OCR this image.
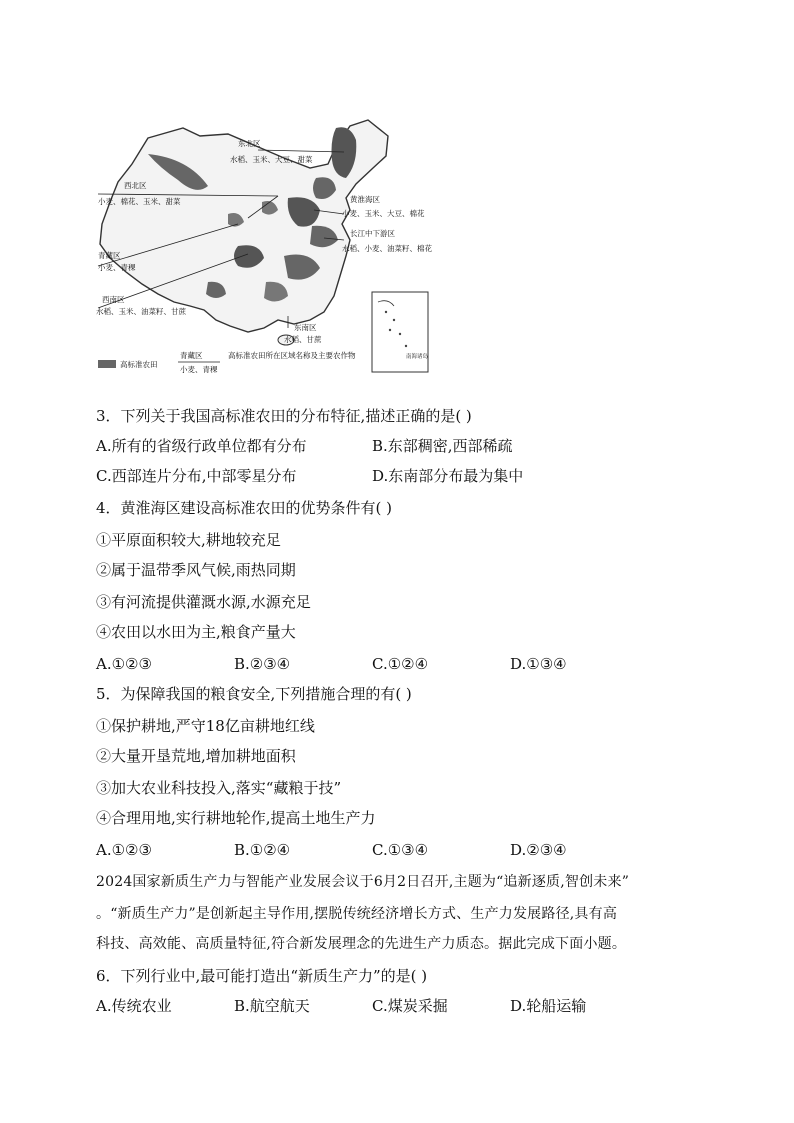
东北区
水稻、玉米、大豆、甜菜
西北区
小麦、棉花、玉米、甜菜	黄淮海区
小麦、玉米、大豆、棉花
长江中下游区
水稻、小麦、油菜籽、棉花
青藏区
小麦、青稞
西南区
水稻、玉米、油菜籽、甘蔗
东南区
水稻、甘蔗
南海诸岛
高标准农田
青藏区
小麦、青稞
高标准农田所在区域名称及主要农作物
3．下列关于我国高标准农田的分布特征,描述正确的是( )
A.所有的省级行政单位都有分布	B.东部稠密,西部稀疏
C.西部连片分布,中部零星分布	D.东南部分布最为集中
4．黄淮海区建设高标准农田的优势条件有( )
①平原面积较大,耕地较充足
②属于温带季风气候,雨热同期
③有河流提供灌溉水源,水源充足
④农田以水田为主,粮食产量大
A.①②③	B.②③④	C.①②④	D.①③④
5．为保障我国的粮食安全,下列措施合理的有( )
①保护耕地,严守18亿亩耕地红线
②大量开垦荒地,增加耕地面积
③加大农业科技投入,落实“藏粮于技”
④合理用地,实行耕地轮作,提高土地生产力
A.①②③	B.①②④	C.①③④	D.②③④
2024国家新质生产力与智能产业发展会议于6月2日召开,主题为“追新逐质,智创未来”
。“新质生产力”是创新起主导作用,摆脱传统经济增长方式、生产力发展路径,具有高
科技、高效能、高质量特征,符合新发展理念的先进生产力质态。据此完成下面小题。
6．下列行业中,最可能打造出“新质生产力”的是( )
A.传统农业	B.航空航天	C.煤炭采掘	D.轮船运输
